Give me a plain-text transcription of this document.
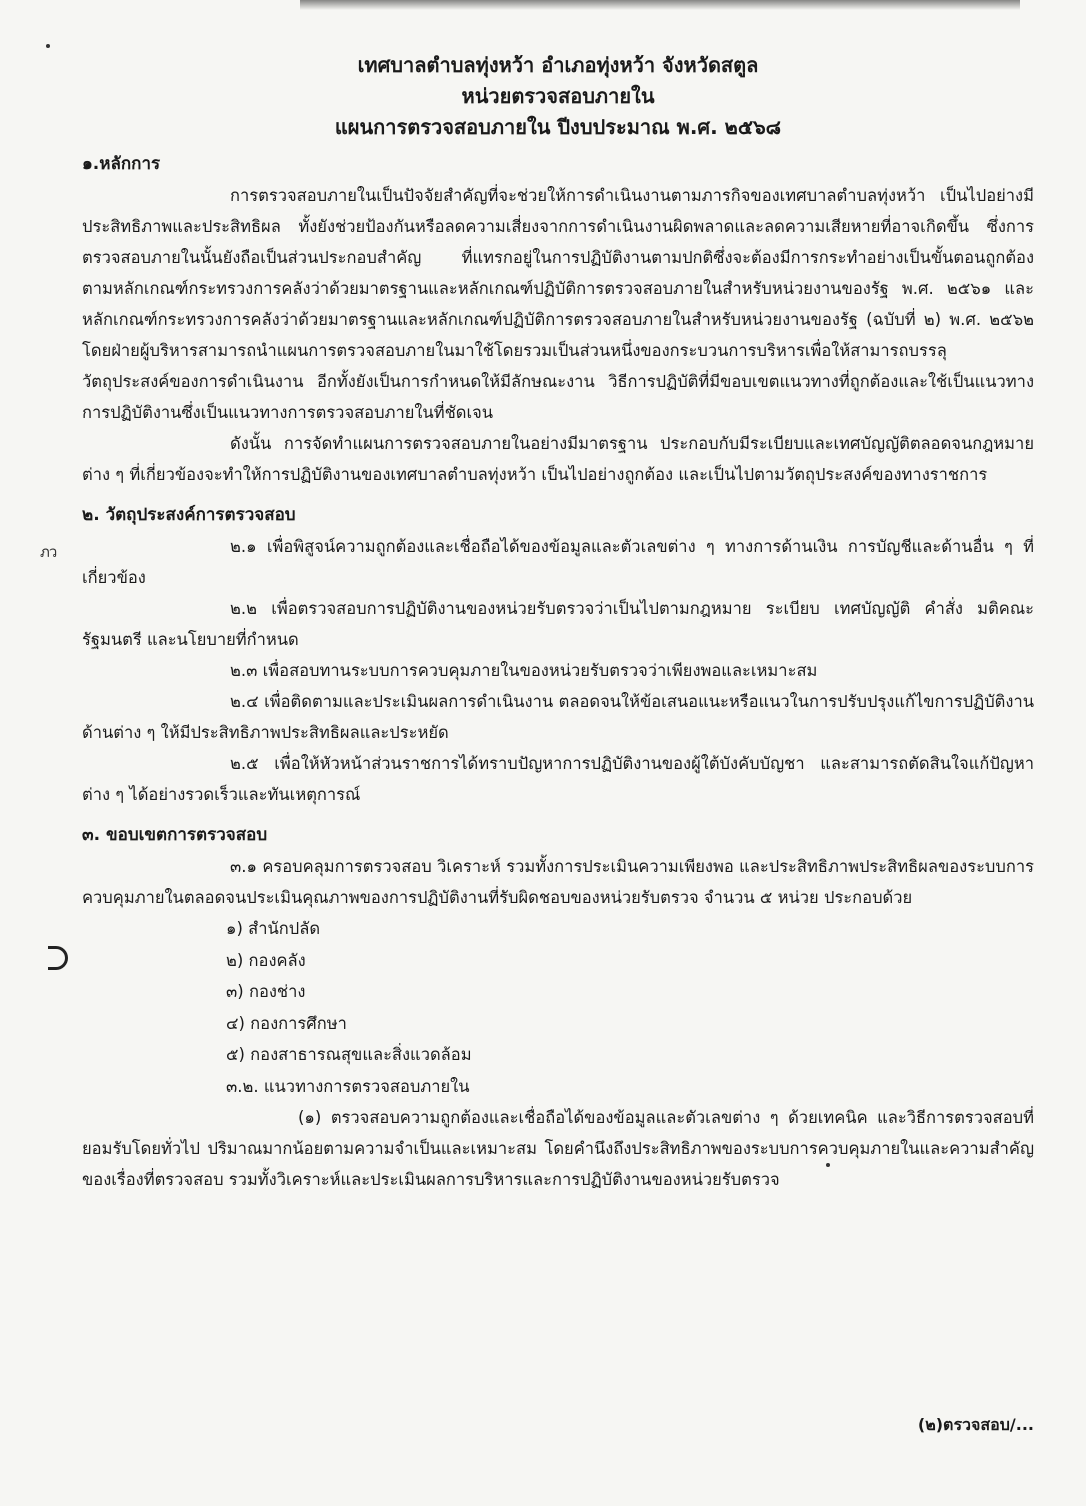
ภว
เทศบาลตำบลทุ่งหว้า อำเภอทุ่งหว้า จังหวัดสตูล
หน่วยตรวจสอบภายใน
แผนการตรวจสอบภายใน ปีงบประมาณ พ.ศ. ๒๕๖๘
๑.หลักการ

การตรวจสอบภายในเป็นปัจจัยสำคัญที่จะช่วยให้การดำเนินงานตามภารกิจของเทศบาลตำบลทุ่งหว้า เป็นไปอย่างมีประสิทธิภาพและประสิทธิผล ทั้งยังช่วยป้องกันหรือลดความเสี่ยงจากการดำเนินงานผิดพลาดและลดความเสียหายที่อาจเกิดขึ้น ซึ่งการตรวจสอบภายในนั้นยังถือเป็นส่วนประกอบสำคัญ ที่แทรกอยู่ในการปฏิบัติงานตามปกติซึ่งจะต้องมีการกระทำอย่างเป็นขั้นตอนถูกต้อง ตามหลักเกณฑ์กระทรวงการคลังว่าด้วยมาตรฐานและหลักเกณฑ์ปฏิบัติการตรวจสอบภายในสำหรับหน่วยงานของรัฐ พ.ศ. ๒๕๖๑ และหลักเกณฑ์กระทรวงการคลังว่าด้วยมาตรฐานและหลักเกณฑ์ปฏิบัติการตรวจสอบภายในสำหรับหน่วยงานของรัฐ (ฉบับที่ ๒) พ.ศ. ๒๕๖๒ โดยฝ่ายผู้บริหารสามารถนำแผนการตรวจสอบภายในมาใช้โดยรวมเป็นส่วนหนึ่งของกระบวนการบริหารเพื่อให้สามารถบรรลุวัตถุประสงค์ของการดำเนินงาน อีกทั้งยังเป็นการกำหนดให้มีลักษณะงาน วิธีการปฏิบัติที่มีขอบเขตแนวทางที่ถูกต้องและใช้เป็นแนวทางการปฏิบัติงานซึ่งเป็นแนวทางการตรวจสอบภายในที่ชัดเจน

ดังนั้น การจัดทำแผนการตรวจสอบภายในอย่างมีมาตรฐาน ประกอบกับมีระเบียบและเทศบัญญัติตลอดจนกฎหมายต่าง ๆ ที่เกี่ยวข้องจะทำให้การปฏิบัติงานของเทศบาลตำบลทุ่งหว้า เป็นไปอย่างถูกต้อง และเป็นไปตามวัตถุประสงค์ของทางราชการ

๒. วัตถุประสงค์การตรวจสอบ

๒.๑ เพื่อพิสูจน์ความถูกต้องและเชื่อถือได้ของข้อมูลและตัวเลขต่าง ๆ ทางการด้านเงิน การบัญชีและด้านอื่น ๆ ที่เกี่ยวข้อง

๒.๒ เพื่อตรวจสอบการปฏิบัติงานของหน่วยรับตรวจว่าเป็นไปตามกฎหมาย ระเบียบ เทศบัญญัติ คำสั่ง มติคณะรัฐมนตรี และนโยบายที่กำหนด

๒.๓ เพื่อสอบทานระบบการควบคุมภายในของหน่วยรับตรวจว่าเพียงพอและเหมาะสม

๒.๔ เพื่อติดตามและประเมินผลการดำเนินงาน ตลอดจนให้ข้อเสนอแนะหรือแนวในการปรับปรุงแก้ไขการปฏิบัติงานด้านต่าง ๆ ให้มีประสิทธิภาพประสิทธิผลและประหยัด

๒.๕ เพื่อให้หัวหน้าส่วนราชการได้ทราบปัญหาการปฏิบัติงานของผู้ใต้บังคับบัญชา และสามารถตัดสินใจแก้ปัญหาต่าง ๆ ได้อย่างรวดเร็วและทันเหตุการณ์

๓. ขอบเขตการตรวจสอบ

๓.๑ ครอบคลุมการตรวจสอบ วิเคราะห์ รวมทั้งการประเมินความเพียงพอ และประสิทธิภาพประสิทธิผลของระบบการควบคุมภายในตลอดจนประเมินคุณภาพของการปฏิบัติงานที่รับผิดชอบของหน่วยรับตรวจ จำนวน ๕ หน่วย ประกอบด้วย

๑) สำนักปลัด
๒) กองคลัง
๓) กองช่าง
๔) กองการศึกษา
๕) กองสาธารณสุขและสิ่งแวดล้อม
๓.๒. แนวทางการตรวจสอบภายใน

(๑) ตรวจสอบความถูกต้องและเชื่อถือได้ของข้อมูลและตัวเลขต่าง ๆ ด้วยเทคนิค และวิธีการตรวจสอบที่ยอมรับโดยทั่วไป ปริมาณมากน้อยตามความจำเป็นและเหมาะสม โดยคำนึงถึงประสิทธิภาพของระบบการควบคุมภายในและความสำคัญของเรื่องที่ตรวจสอบ รวมทั้งวิเคราะห์และประเมินผลการบริหารและการปฏิบัติงานของหน่วยรับตรวจ

(๒)ตรวจสอบ/...
